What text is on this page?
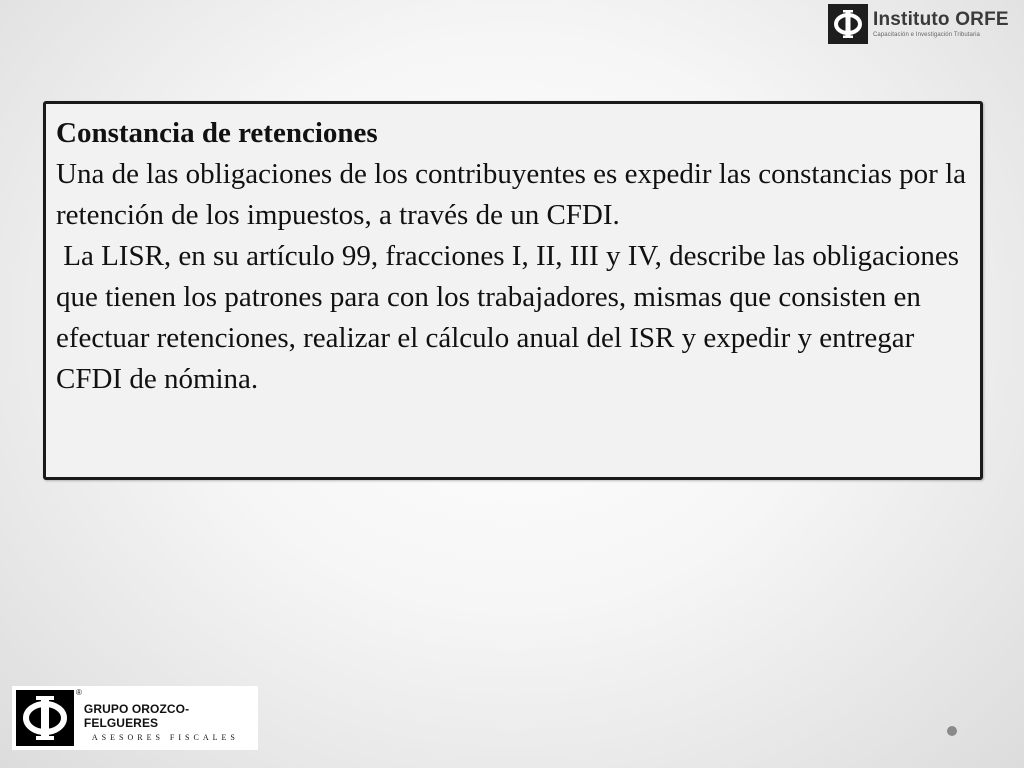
Instituto ORFE
Capacitación e Investigación Tributaria

Constancia de retenciones

Una de las obligaciones de los contribuyentes es expedir las constancias por la retención de los impuestos, a través de un CFDI.

La LISR, en su artículo 99, fracciones I, II, III y IV, describe las obligaciones que tienen los patrones para con los trabajadores, mismas que consisten en efectuar retenciones, realizar el cálculo anual del ISR y expedir y entregar CFDI de nómina.

®
GRUPO OROZCO-FELGUERES
ASESORES FISCALES
